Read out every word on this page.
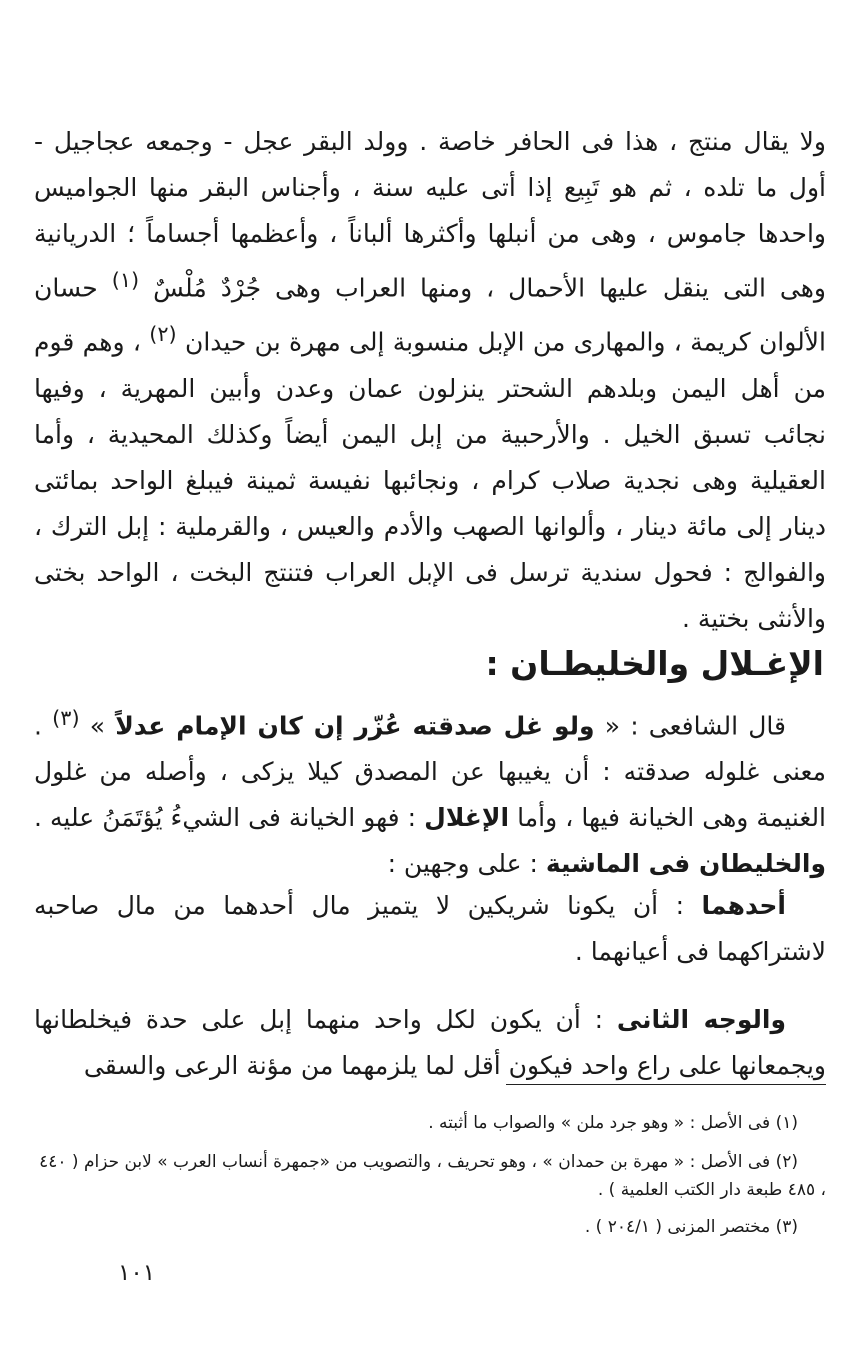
ولا يقال منتج ، هذا فى الحافر خاصة . وولد البقر عجل - وجمعه عجاجيل - أول ما تلده ، ثم هو تَبِيع إذا أتى عليه سنة ، وأجناس البقر منها الجواميس واحدها جاموس ، وهى من أنبلها وأكثرها ألباناً ، وأعظمها أجساماً ؛ الدريانية وهى التى ينقل عليها الأحمال ، ومنها العراب وهى جُرْدٌ مُلْسٌ $^{(١)}$ حسان الألوان كريمة ، والمهارى من الإبل منسوبة إلى مهرة بن حيدان $^{(٢)}$ ، وهم قوم من أهل اليمن وبلدهم الشحتر ينزلون عمان وعدن وأبين المهرية ، وفيها نجائب تسبق الخيل . والأرحبية من إبل اليمن أيضاً وكذلك المحيدية ، وأما العقيلية وهى نجدية صلاب كرام ، ونجائبها نفيسة ثمينة فيبلغ الواحد بمائتى دينار إلى مائة دينار ، وألوانها الصهب والأدم والعيس ، والقرملية : إبل الترك ، والفوالج : فحول سندية ترسل فى الإبل العراب فتنتج البخت ، الواحد بختى والأنثى بختية .

الإغـلال والخليطـان :

قال الشافعى : « ولو غل صدقته عُزّر إن كان الإمام عدلاً » $^{(٣)}$ . معنى غلوله صدقته : أن يغيبها عن المصدق كيلا يزكى ، وأصله من غلول الغنيمة وهى الخيانة فيها ، وأما الإغلال : فهو الخيانة فى الشيءُ يُؤتَمَنُ عليه . والخليطان فى الماشية : على وجهين :

أحدهما : أن يكونا شريكين لا يتميز مال أحدهما من مال صاحبه لاشتراكهما فى أعيانهما .

والوجه الثانى : أن يكون لكل واحد منهما إبل على حدة فيخلطانها ويجمعانها على راع واحد فيكون أقل لما يلزمهما من مؤنة الرعى والسقى

(١) فى الأصل : « وهو جرد ملن » والصواب ما أثبته .

(٢) فى الأصل : « مهرة بن حمدان » ، وهو تحريف ، والتصويب من «جمهرة أنساب العرب » لابن حزام ( ٤٤٠ ، ٤٨٥ طبعة دار الكتب العلمية ) .

(٣) مختصر المزنى ( ٢٠٤/١ ) .

١٠١
